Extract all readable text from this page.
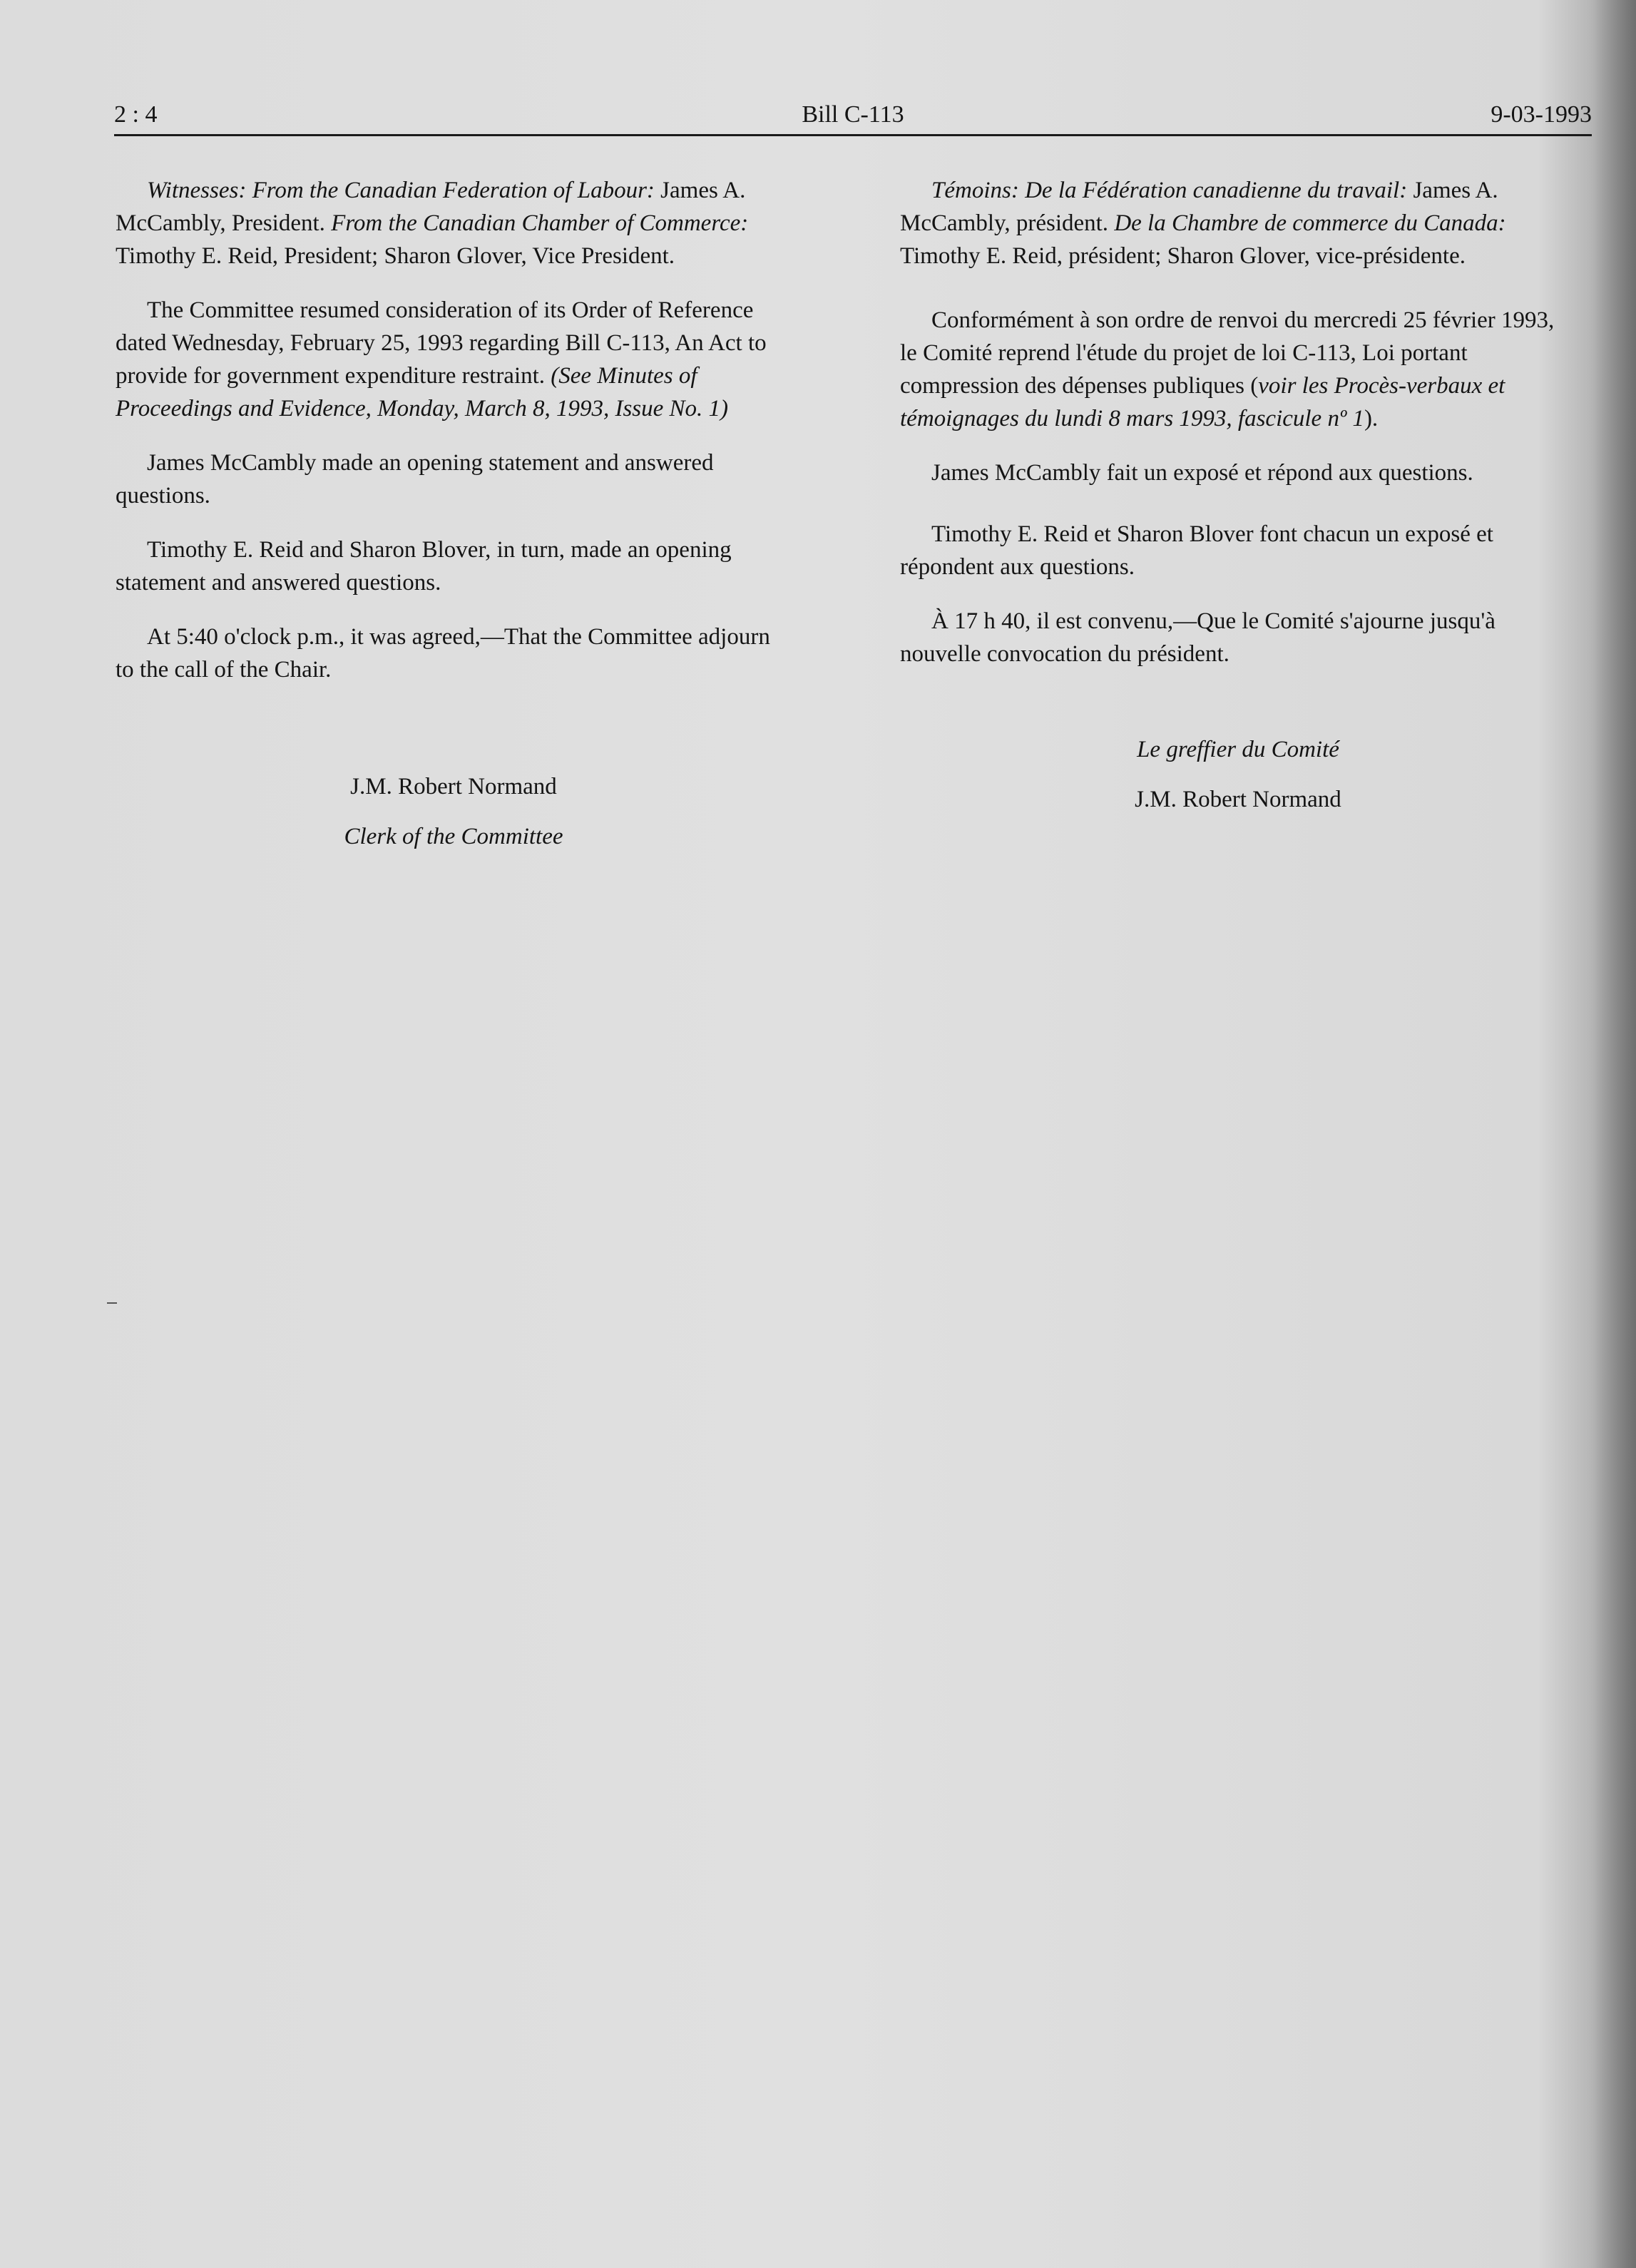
2 : 4	Bill C-113	9-03-1993

Witnesses: From the Canadian Federation of Labour: James A. McCambly, President. From the Canadian Chamber of Commerce: Timothy E. Reid, President; Sharon Glover, Vice President.

The Committee resumed consideration of its Order of Reference dated Wednesday, February 25, 1993 regarding Bill C-113, An Act to provide for government expenditure restraint. (See Minutes of Proceedings and Evidence, Monday, March 8, 1993, Issue No. 1)

James McCambly made an opening statement and answered questions.

Timothy E. Reid and Sharon Blover, in turn, made an opening statement and answered questions.

At 5:40 o'clock p.m., it was agreed,—That the Committee adjourn to the call of the Chair.

J.M. Robert Normand

Clerk of the Committee

Témoins: De la Fédération canadienne du travail: James A. McCambly, président. De la Chambre de commerce du Canada: Timothy E. Reid, président; Sharon Glover, vice-présidente.

Conformément à son ordre de renvoi du mercredi 25 février 1993, le Comité reprend l'étude du projet de loi C-113, Loi portant compression des dépenses publiques (voir les Procès-verbaux et témoignages du lundi 8 mars 1993, fascicule nº 1).

James McCambly fait un exposé et répond aux questions.

Timothy E. Reid et Sharon Blover font chacun un exposé et répondent aux questions.

À 17 h 40, il est convenu,—Que le Comité s'ajourne jusqu'à nouvelle convocation du président.

Le greffier du Comité

J.M. Robert Normand
